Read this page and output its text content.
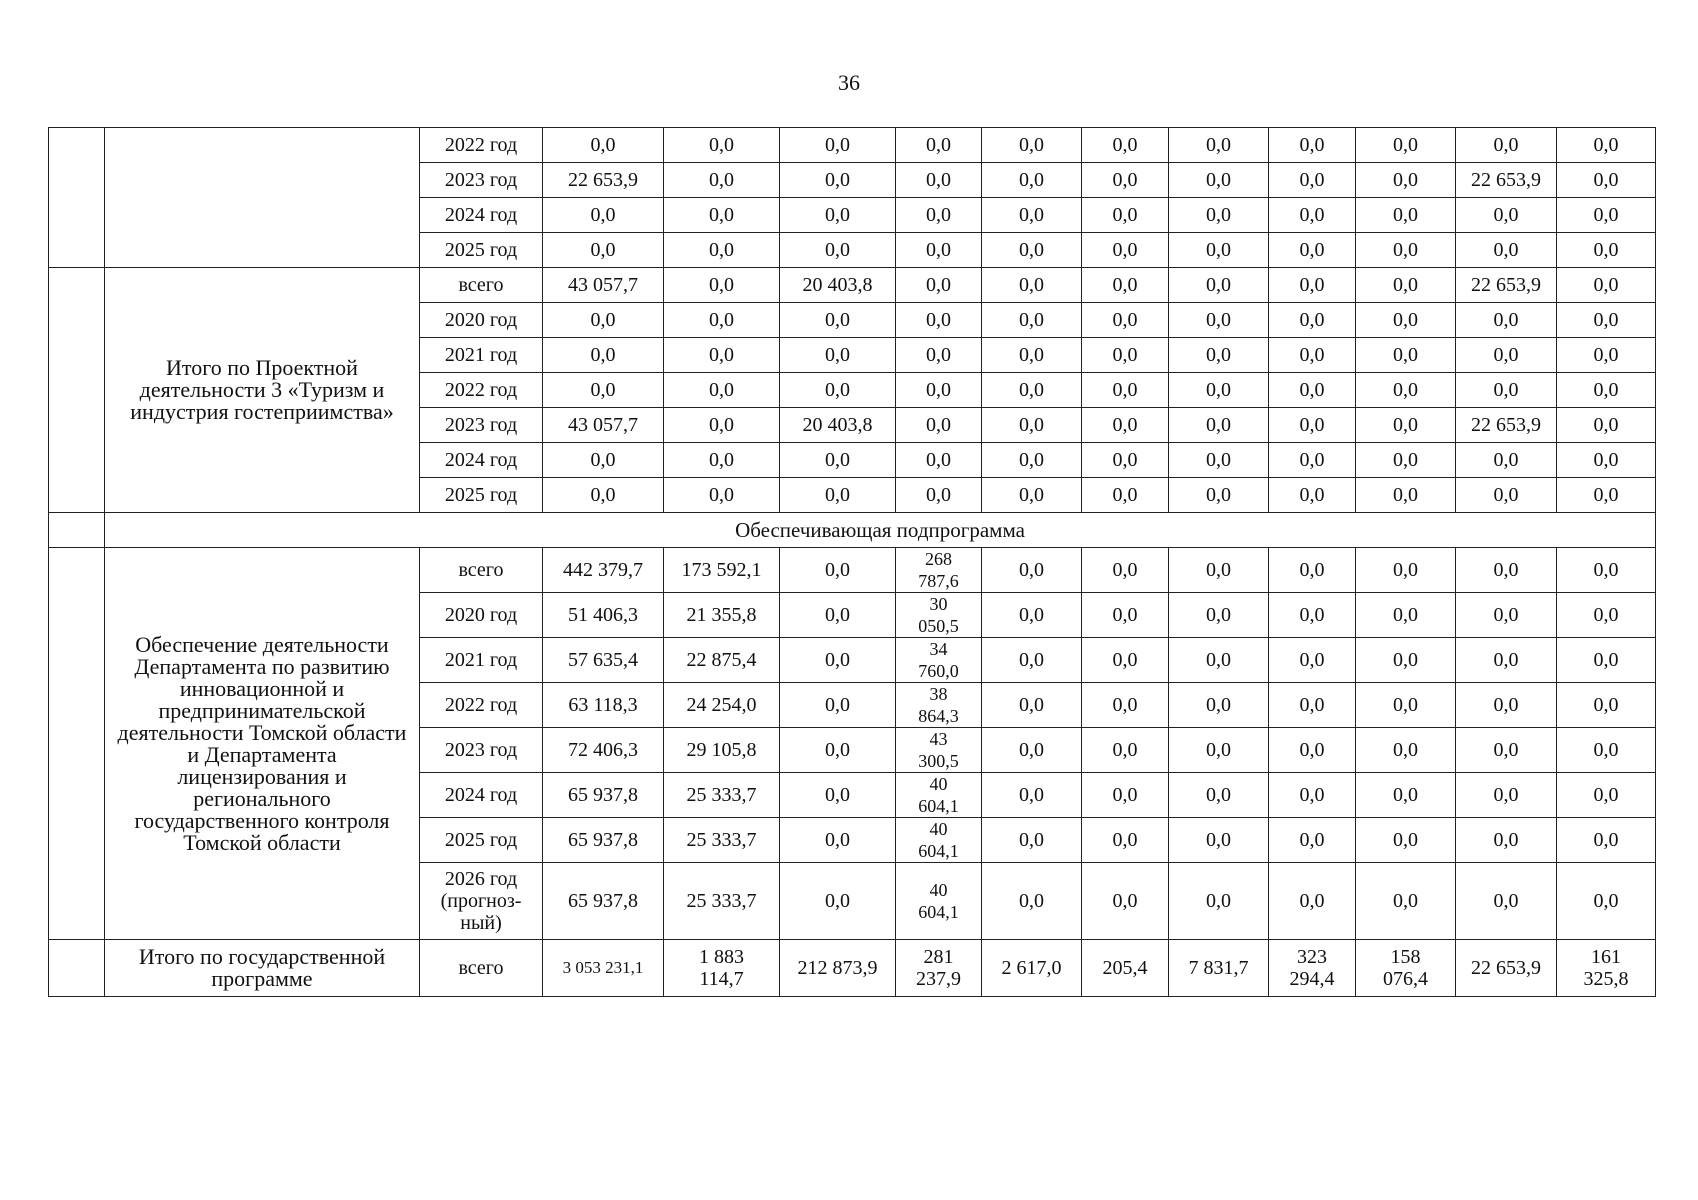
36
		2022 год	0,0	0,0	0,0	0,0	0,0	0,0	0,0	0,0	0,0	0,0	0,0
		2023 год	22 653,9	0,0	0,0	0,0	0,0	0,0	0,0	0,0	0,0	22 653,9	0,0
		2024 год	0,0	0,0	0,0	0,0	0,0	0,0	0,0	0,0	0,0	0,0	0,0
		2025 год	0,0	0,0	0,0	0,0	0,0	0,0	0,0	0,0	0,0	0,0	0,0
	Итого по Проектной деятельности 3 «Туризм и индустрия гостеприимства»	всего	43 057,7	0,0	20 403,8	0,0	0,0	0,0	0,0	0,0	0,0	22 653,9	0,0
		2020 год	0,0	0,0	0,0	0,0	0,0	0,0	0,0	0,0	0,0	0,0	0,0
		2021 год	0,0	0,0	0,0	0,0	0,0	0,0	0,0	0,0	0,0	0,0	0,0
		2022 год	0,0	0,0	0,0	0,0	0,0	0,0	0,0	0,0	0,0	0,0	0,0
		2023 год	43 057,7	0,0	20 403,8	0,0	0,0	0,0	0,0	0,0	0,0	22 653,9	0,0
		2024 год	0,0	0,0	0,0	0,0	0,0	0,0	0,0	0,0	0,0	0,0	0,0
		2025 год	0,0	0,0	0,0	0,0	0,0	0,0	0,0	0,0	0,0	0,0	0,0
	Обеспечивающая подпрограмма												
	Обеспечение деятельности Департамента по развитию инновационной и предпринимательской деятельности Томской области и Департамента лицензирования и регионального государственного контроля Томской области	всего	442 379,7	173 592,1	0,0	268 787,6	0,0	0,0	0,0	0,0	0,0	0,0	0,0
		2020 год	51 406,3	21 355,8	0,0	30 050,5	0,0	0,0	0,0	0,0	0,0	0,0	0,0
		2021 год	57 635,4	22 875,4	0,0	34 760,0	0,0	0,0	0,0	0,0	0,0	0,0	0,0
		2022 год	63 118,3	24 254,0	0,0	38 864,3	0,0	0,0	0,0	0,0	0,0	0,0	0,0
		2023 год	72 406,3	29 105,8	0,0	43 300,5	0,0	0,0	0,0	0,0	0,0	0,0	0,0
		2024 год	65 937,8	25 333,7	0,0	40 604,1	0,0	0,0	0,0	0,0	0,0	0,0	0,0
		2025 год	65 937,8	25 333,7	0,0	40 604,1	0,0	0,0	0,0	0,0	0,0	0,0	0,0
		2026 год (прогноз-ный)	65 937,8	25 333,7	0,0	40 604,1	0,0	0,0	0,0	0,0	0,0	0,0	0,0
	Итого по государственной программе	всего	3 053 231,1	1 883 114,7	212 873,9	281 237,9	2 617,0	205,4	7 831,7	323 294,4	158 076,4	22 653,9	161 325,8
